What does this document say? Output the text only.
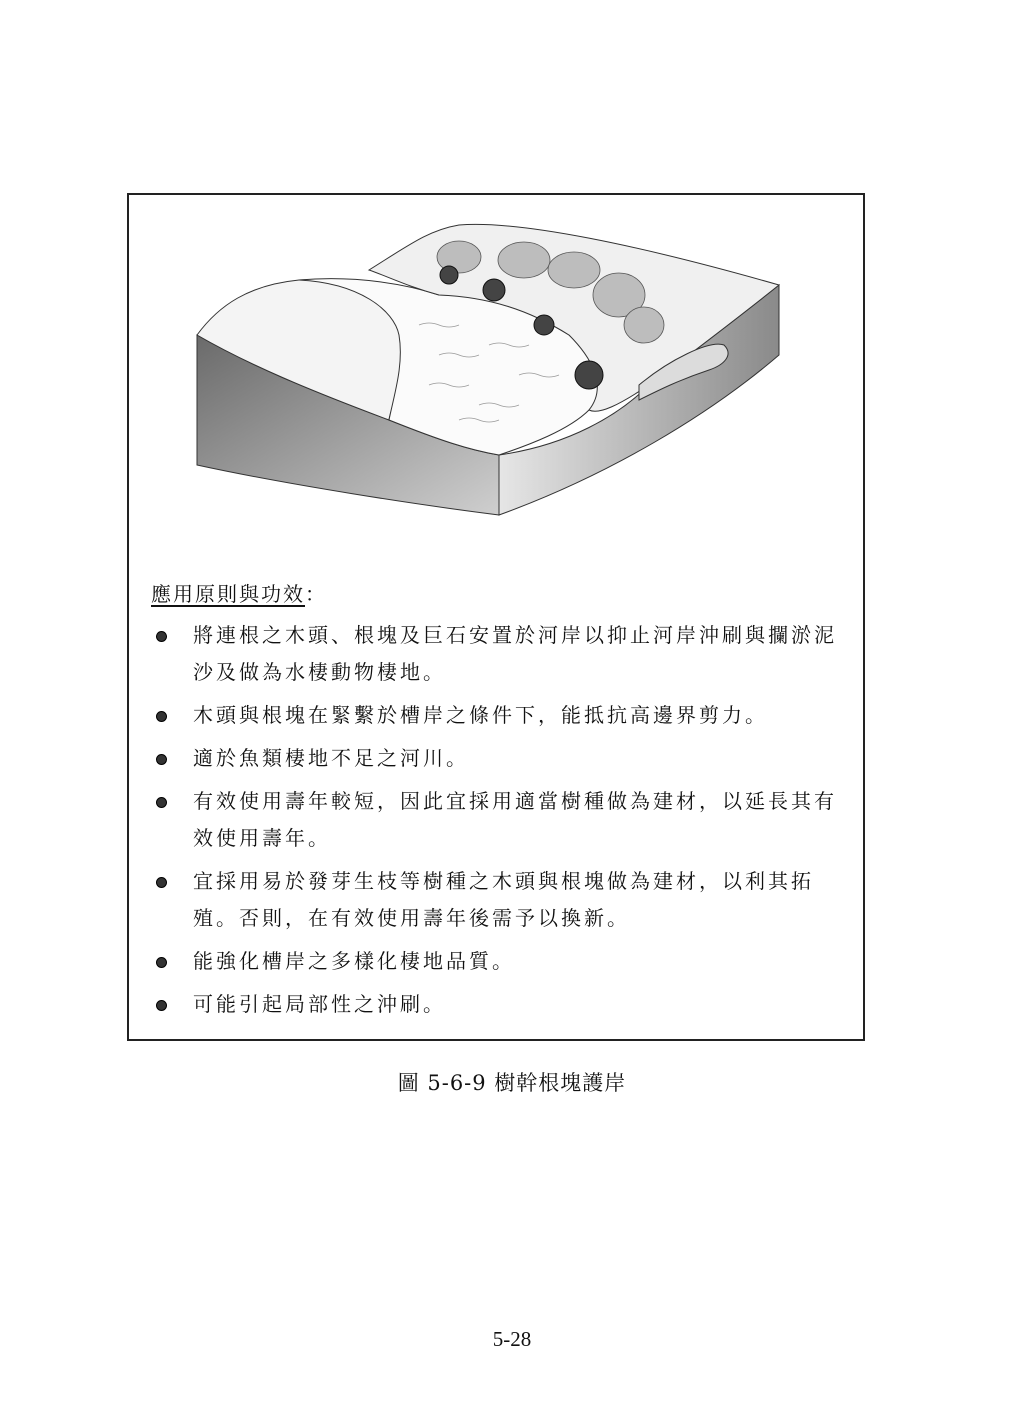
應用原則與功效：
將連根之木頭、根塊及巨石安置於河岸以抑止河岸沖刷與攔淤泥沙及做為水棲動物棲地。
木頭與根塊在緊繫於槽岸之條件下，能抵抗高邊界剪力。
適於魚類棲地不足之河川。
有效使用壽年較短，因此宜採用適當樹種做為建材，以延長其有效使用壽年。
宜採用易於發芽生枝等樹種之木頭與根塊做為建材，以利其拓殖。否則，在有效使用壽年後需予以換新。
能強化槽岸之多樣化棲地品質。
可能引起局部性之沖刷。
圖 5-6-9 樹幹根塊護岸
5-28
